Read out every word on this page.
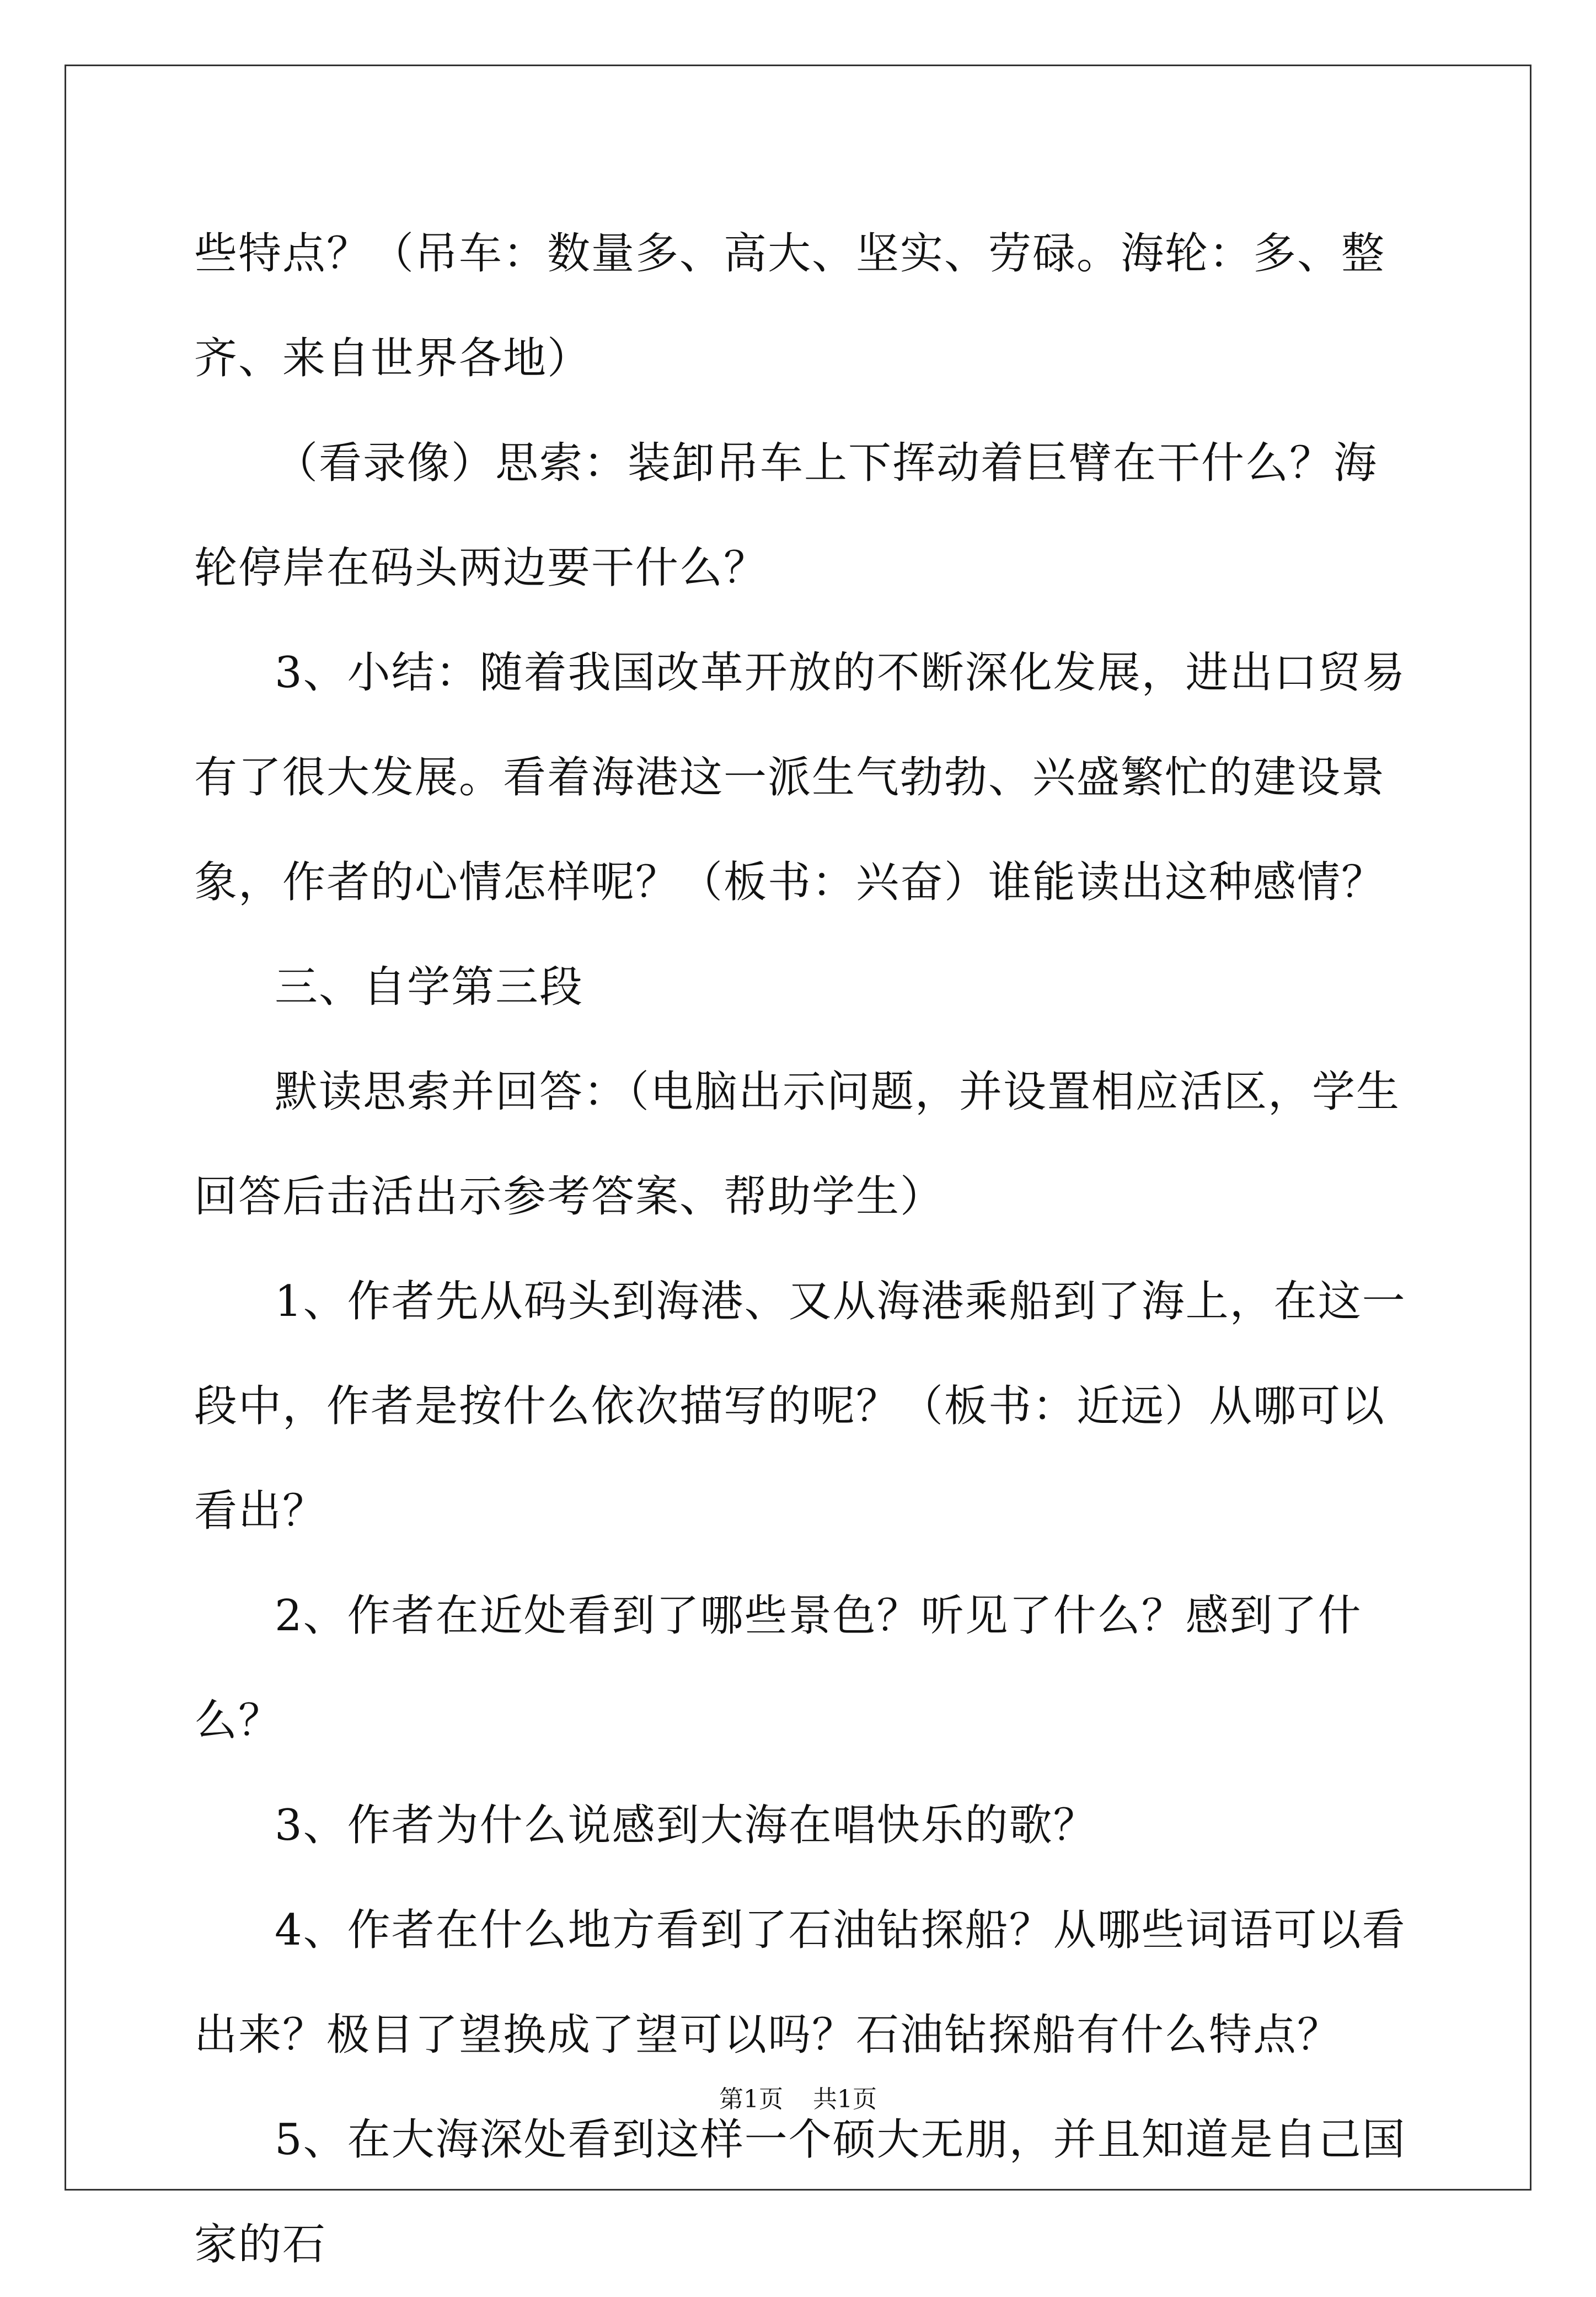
些特点？（吊车：数量多、高大、坚实、劳碌。海轮：多、整齐、来自世界各地）

（看录像）思索：装卸吊车上下挥动着巨臂在干什么？海轮停岸在码头两边要干什么？

3、小结：随着我国改革开放的不断深化发展，进出口贸易有了很大发展。看着海港这一派生气勃勃、兴盛繁忙的建设景象，作者的心情怎样呢？（板书：兴奋）谁能读出这种感情？

三、自学第三段

默读思索并回答：（电脑出示问题，并设置相应活区，学生回答后击活出示参考答案、帮助学生）

1、作者先从码头到海港、又从海港乘船到了海上，在这一段中，作者是按什么依次描写的呢？（板书：近远）从哪可以看出？

2、作者在近处看到了哪些景色？听见了什么？感到了什么？

3、作者为什么说感到大海在唱快乐的歌？

4、作者在什么地方看到了石油钻探船？从哪些词语可以看出来？极目了望换成了望可以吗？石油钻探船有什么特点？

5、在大海深处看到这样一个硕大无朋，并且知道是自己国家的石

第1页 共1页
